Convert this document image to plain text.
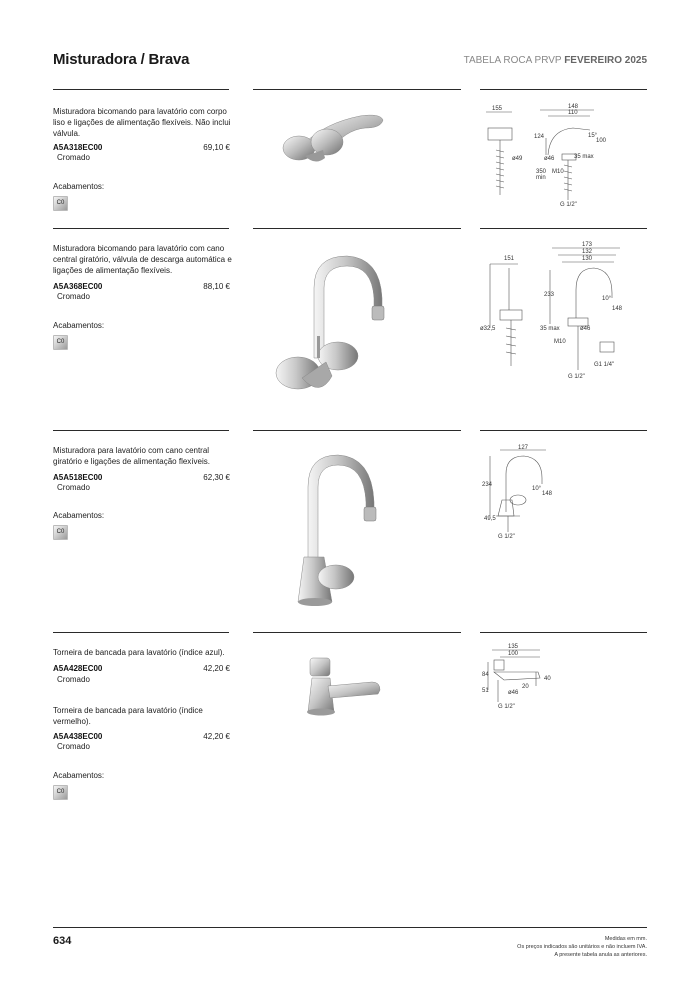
Misturadora / Brava	TABELA ROCA PRVP FEVEREIRO 2025
Misturadora bicomando para lavatório com corpo liso e ligações de alimentação flexíveis. Não inclui válvula.
A5A318EC00	69,10 €
Cromado
Acabamentos:
C0
155	148
110
124	15°
100
ø49	ø46	35 max
350
min
M10
G 1/2"
Misturadora bicomando para lavatório com cano central giratório, válvula de descarga automática e ligações de alimentação flexíveis.
A5A368EC00	88,10 €
Cromado
Acabamentos:
C0
151
173
132
130
233
10°
148
ø32,5	35 max	ø46
M10
G1 1/4"
G 1/2"
Misturadora para lavatório com cano central giratório e ligações de alimentação flexíveis.
A5A518EC00	62,30 €
Cromado
Acabamentos:
C0
127
234
10°
148
49,5
G 1/2"
Torneira de bancada para lavatório (índice azul).
A5A428EC00	42,20 €
Cromado
Torneira de bancada para lavatório (índice vermelho).
A5A438EC00	42,20 €
Cromado
Acabamentos:
C0
135
100
84
40
51
20
ø46
G 1/2"
634	Medidas em mm.
Os preços indicados são unitários e não incluem IVA.
A presente tabela anula as anteriores.
